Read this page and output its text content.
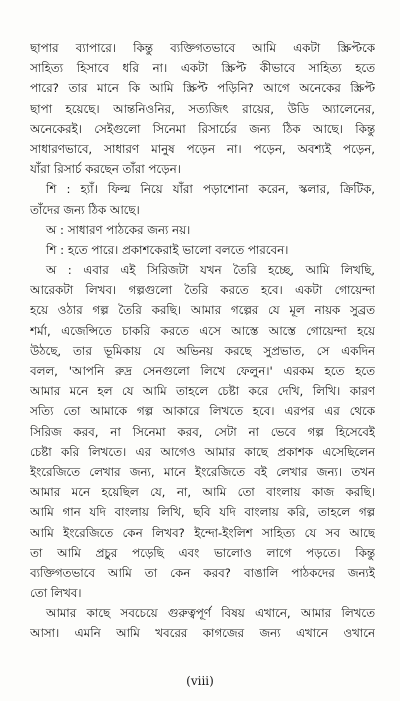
ছাপার ব্যাপারে। কিন্তু ব্যক্তিগতভাবে আমি একটা স্ক্রিপ্টকে
সাহিত্য হিসাবে ধরি না। একটা স্ক্রিপ্ট কীভাবে সাহিত্য হতে
পারে? তার মানে কি আমি স্ক্রিপ্ট পড়িনি? আগে অনেকের স্ক্রিপ্ট
ছাপা হয়েছে। আন্তনিওনির, সত্যজিৎ রায়ের, উডি অ্যালেনের,
অনেকেরই। সেইগুলো সিনেমা রিসার্চের জন্য ঠিক আছে। কিন্তু
সাধারণভাবে, সাধারণ মানুষ পড়েন না। পড়েন, অবশ্যই পড়েন,
যাঁরা রিসার্চ করছেন তাঁরা পড়েন।
শি : হ্যাঁ। ফিল্ম নিয়ে যাঁরা পড়াশোনা করেন, স্কলার, ক্রিটিক,
তাঁদের জন্য ঠিক আছে।
অ : সাধারণ পাঠকের জন্য নয়।
শি : হতে পারে। প্রকাশকেরাই ভালো বলতে পারবেন।
অ : এবার এই সিরিজটা যখন তৈরি হচ্ছে, আমি লিখছি,
আরেকটা লিখব। গল্পগুলো তৈরি করতে হবে। একটা গোয়েন্দা
হয়ে ওঠার গল্প তৈরি করছি। আমার গল্পের যে মূল নায়ক সুব্রত
শর্মা, এজেন্সিতে চাকরি করতে এসে আস্তে আস্তে গোয়েন্দা হয়ে
উঠছে, তার ভূমিকায় যে অভিনয় করছে সুপ্রভাত, সে একদিন
বলল, 'আপনি রুদ্র সেনগুলো লিখে ফেলুন।' এরকম হতে হতে
আমার মনে হল যে আমি তাহলে চেষ্টা করে দেখি, লিখি। কারণ
সত্যি তো আমাকে গল্প আকারে লিখতে হবে। এরপর এর থেকে
সিরিজ করব, না সিনেমা করব, সেটা না ভেবে গল্প হিসেবেই
চেষ্টা করি লিখতে। এর আগেও আমার কাছে প্রকাশক এসেছিলেন
ইংরেজিতে লেখার জন্য, মানে ইংরেজিতে বই লেখার জন্য। তখন
আমার মনে হয়েছিল যে, না, আমি তো বাংলায় কাজ করছি।
আমি গান যদি বাংলায় লিখি, ছবি যদি বাংলায় করি, তাহলে গল্প
আমি ইংরেজিতে কেন লিখব? ইন্দো-ইংলিশ সাহিত্য যে সব আছে
তা আমি প্রচুর পড়েছি এবং ভালোও লাগে পড়তে। কিন্তু
ব্যক্তিগতভাবে আমি তা কেন করব? বাঙালি পাঠকদের জন্যই
তো লিখব।
আমার কাছে সবচেয়ে গুরুত্বপূর্ণ বিষয় এখানে, আমার লিখতে
আসা। এমনি আমি খবরের কাগজের জন্য এখানে ওখানে
(viii)
